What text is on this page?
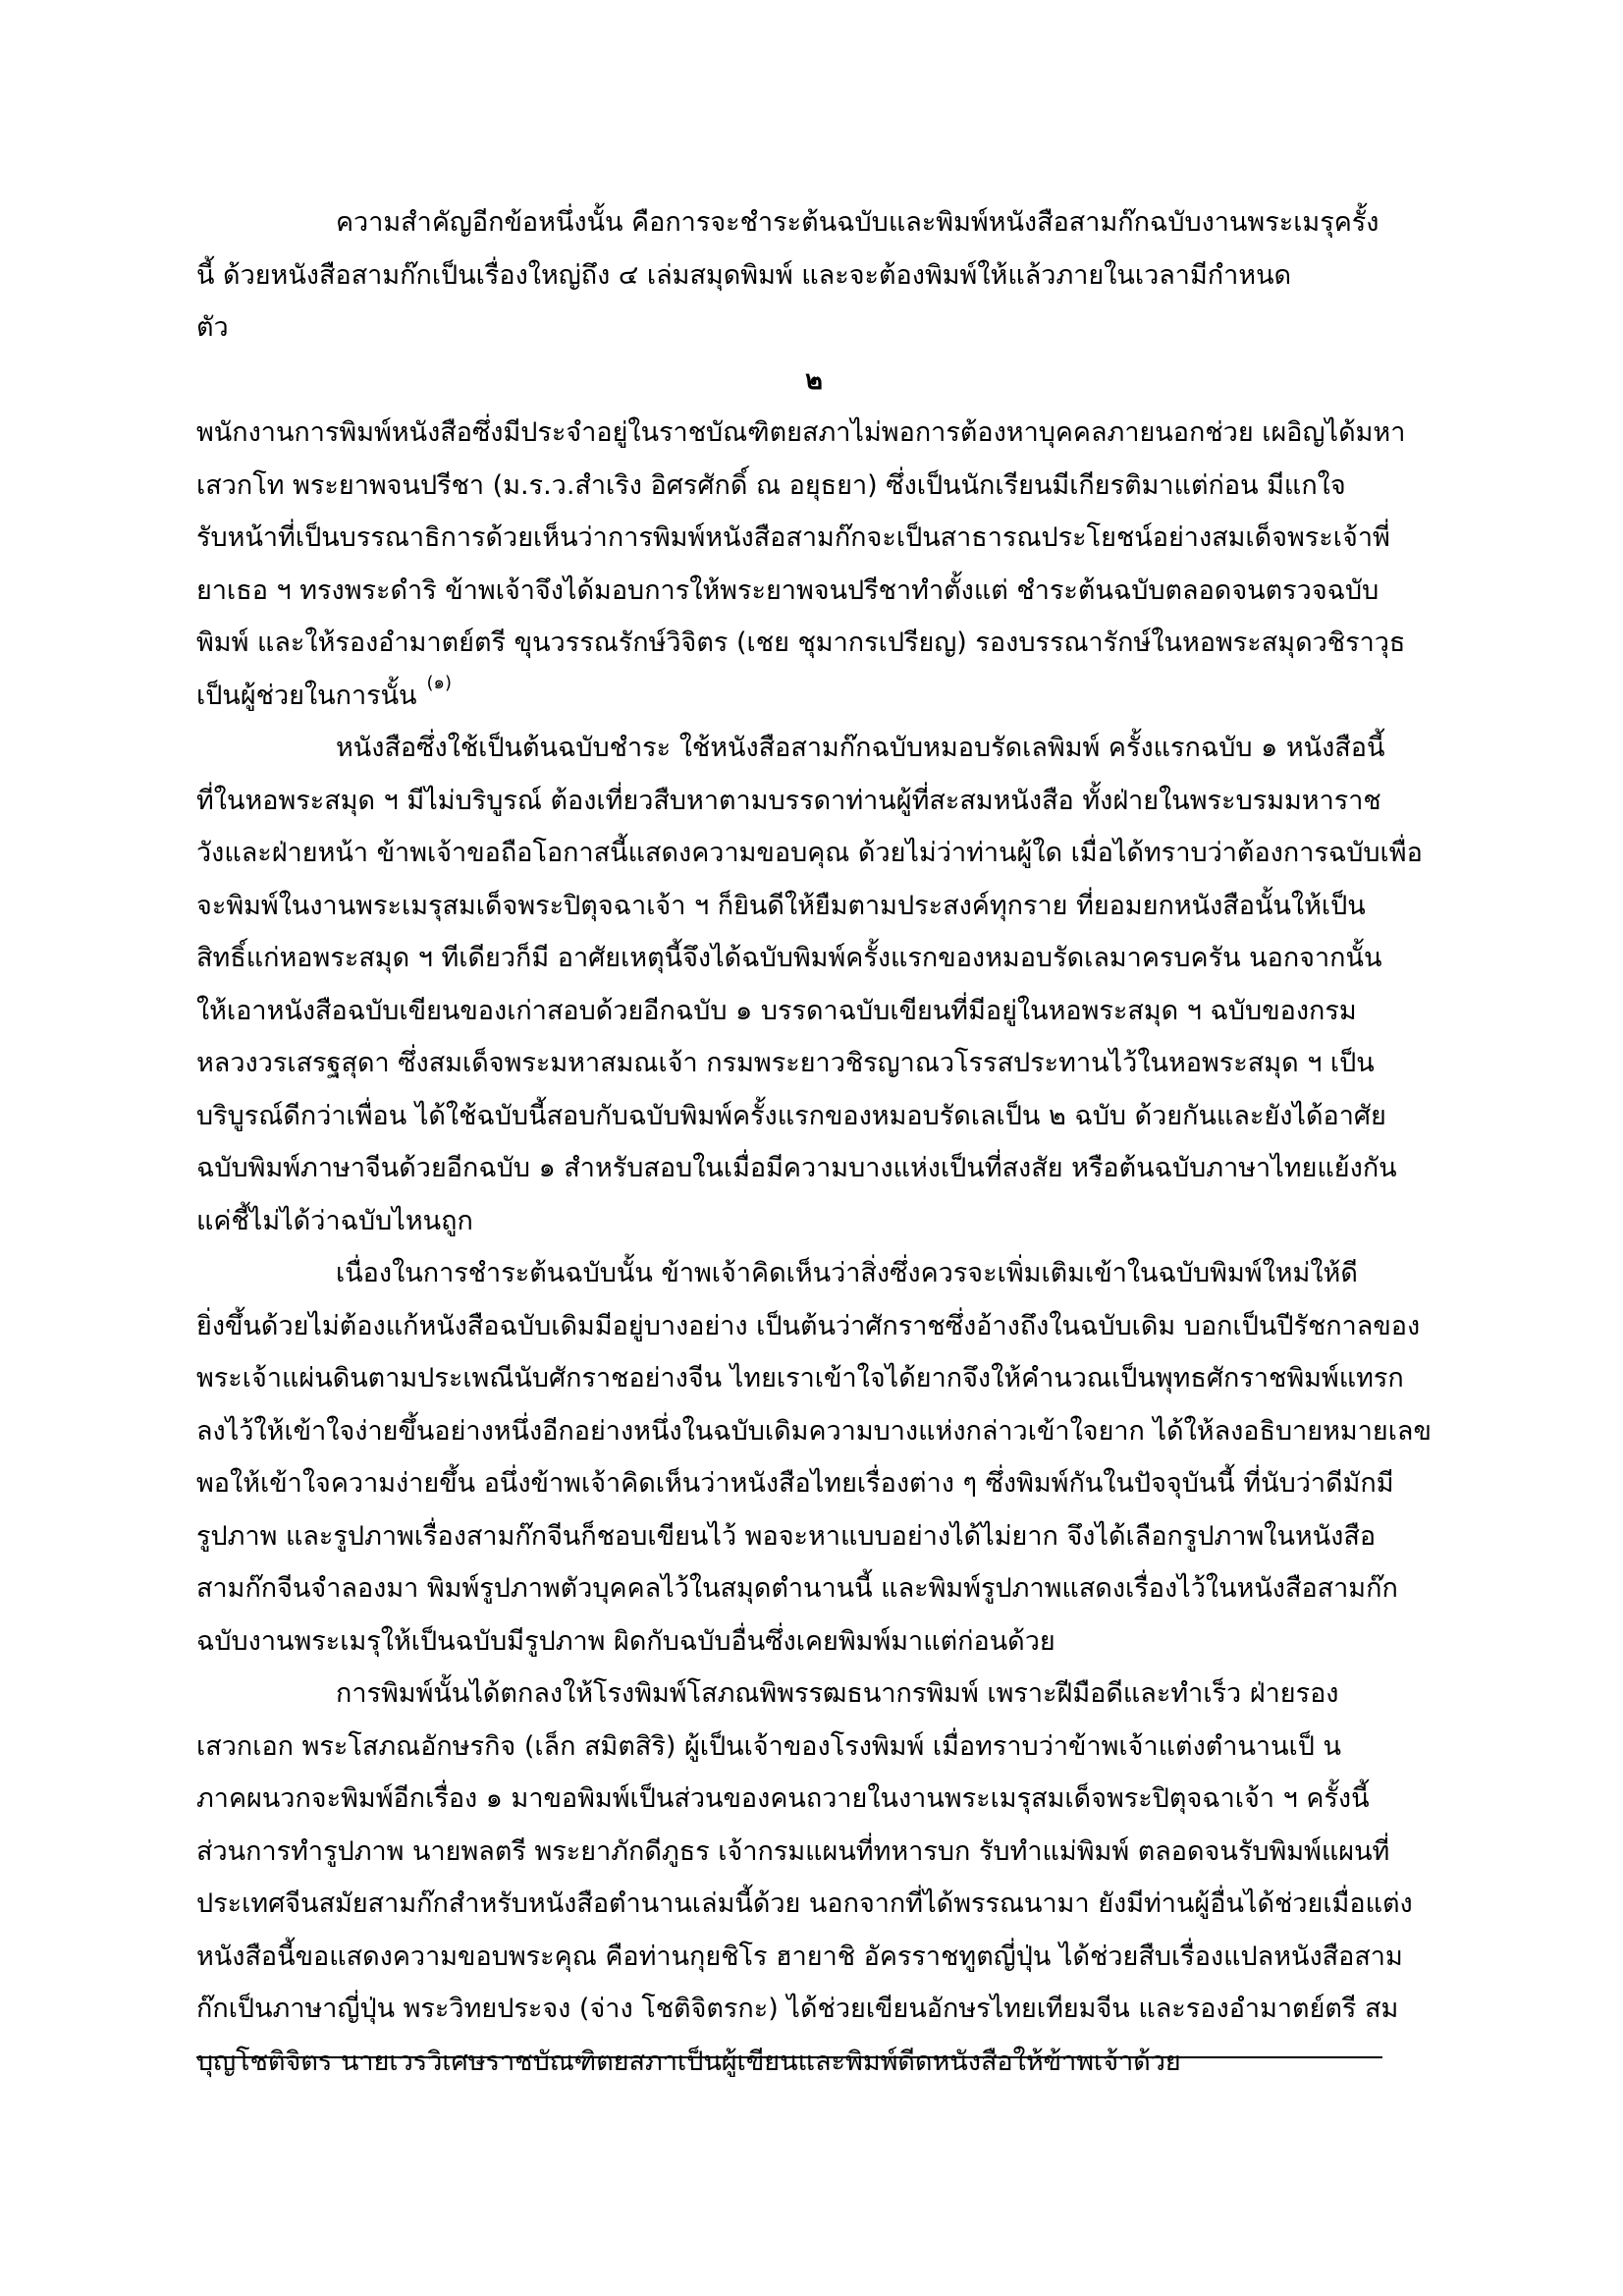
ความสำคัญอีกข้อหนึ่งนั้น คือการจะชำระต้นฉบับและพิมพ์หนังสือสามก๊กฉบับงานพระเมรุครั้ง
นี้ ด้วยหนังสือสามก๊กเป็นเรื่องใหญ่ถึง ๔ เล่มสมุดพิมพ์ และจะต้องพิมพ์ให้แล้วภายในเวลามีกำหนด
ตัว
๒
พนักงานการพิมพ์หนังสือซึ่งมีประจำอยู่ในราชบัณฑิตยสภาไม่พอการต้องหาบุคคลภายนอกช่วย เผอิญได้มหา
เสวกโท พระยาพจนปรีชา (ม.ร.ว.สำเริง อิศรศักดิ์ ณ อยุธยา) ซึ่งเป็นนักเรียนมีเกียรติมาแต่ก่อน มีแกใจ
รับหน้าที่เป็นบรรณาธิการด้วยเห็นว่าการพิมพ์หนังสือสามก๊กจะเป็นสาธารณประโยชน์อย่างสมเด็จพระเจ้าพี่
ยาเธอ ฯ ทรงพระดำริ ข้าพเจ้าจึงได้มอบการให้พระยาพจนปรีชาทำตั้งแต่ ชำระต้นฉบับตลอดจนตรวจฉบับ
พิมพ์ และให้รองอำมาตย์ตรี ขุนวรรณรักษ์วิจิตร (เชย ชุมากรเปรียญ) รองบรรณารักษ์ในหอพระสมุดวชิราวุธ
เป็นผู้ช่วยในการนั้น $^{(๑)}$
หนังสือซึ่งใช้เป็นต้นฉบับชำระ ใช้หนังสือสามก๊กฉบับหมอบรัดเลพิมพ์ ครั้งแรกฉบับ ๑ หนังสือนี้
ที่ในหอพระสมุด ฯ มีไม่บริบูรณ์ ต้องเที่ยวสืบหาตามบรรดาท่านผู้ที่สะสมหนังสือ ทั้งฝ่ายในพระบรมมหาราช
วังและฝ่ายหน้า ข้าพเจ้าขอถือโอกาสนี้แสดงความขอบคุณ ด้วยไม่ว่าท่านผู้ใด เมื่อได้ทราบว่าต้องการฉบับเพื่อ
จะพิมพ์ในงานพระเมรุสมเด็จพระปิตุจฉาเจ้า ฯ ก็ยินดีให้ยืมตามประสงค์ทุกราย ที่ยอมยกหนังสือนั้นให้เป็น
สิทธิ์แก่หอพระสมุด ฯ ทีเดียวก็มี อาศัยเหตุนี้จึงได้ฉบับพิมพ์ครั้งแรกของหมอบรัดเลมาครบครัน นอกจากนั้น
ให้เอาหนังสือฉบับเขียนของเก่าสอบด้วยอีกฉบับ ๑ บรรดาฉบับเขียนที่มีอยู่ในหอพระสมุด ฯ ฉบับของกรม
หลวงวรเสรฐสุดา ซึ่งสมเด็จพระมหาสมณเจ้า กรมพระยาวชิรญาณวโรรสประทานไว้ในหอพระสมุด ฯ เป็น
บริบูรณ์ดีกว่าเพื่อน ได้ใช้ฉบับนี้สอบกับฉบับพิมพ์ครั้งแรกของหมอบรัดเลเป็น ๒ ฉบับ ด้วยกันและยังได้อาศัย
ฉบับพิมพ์ภาษาจีนด้วยอีกฉบับ ๑ สำหรับสอบในเมื่อมีความบางแห่งเป็นที่สงสัย หรือต้นฉบับภาษาไทยแย้งกัน
แค่ชี้ไม่ได้ว่าฉบับไหนถูก
เนื่องในการชำระต้นฉบับนั้น ข้าพเจ้าคิดเห็นว่าสิ่งซึ่งควรจะเพิ่มเติมเข้าในฉบับพิมพ์ใหม่ให้ดี
ยิ่งขึ้นด้วยไม่ต้องแก้หนังสือฉบับเดิมมีอยู่บางอย่าง เป็นต้นว่าศักราชซึ่งอ้างถึงในฉบับเดิม บอกเป็นปีรัชกาลของ
พระเจ้าแผ่นดินตามประเพณีนับศักราชอย่างจีน ไทยเราเข้าใจได้ยากจึงให้คำนวณเป็นพุทธศักราชพิมพ์แทรก
ลงไว้ให้เข้าใจง่ายขึ้นอย่างหนึ่งอีกอย่างหนึ่งในฉบับเดิมความบางแห่งกล่าวเข้าใจยาก ได้ให้ลงอธิบายหมายเลข
พอให้เข้าใจความง่ายขึ้น อนึ่งข้าพเจ้าคิดเห็นว่าหนังสือไทยเรื่องต่าง ๆ ซึ่งพิมพ์กันในปัจจุบันนี้ ที่นับว่าดีมักมี
รูปภาพ และรูปภาพเรื่องสามก๊กจีนก็ชอบเขียนไว้ พอจะหาแบบอย่างได้ไม่ยาก จึงได้เลือกรูปภาพในหนังสือ
สามก๊กจีนจำลองมา พิมพ์รูปภาพตัวบุคคลไว้ในสมุดตำนานนี้ และพิมพ์รูปภาพแสดงเรื่องไว้ในหนังสือสามก๊ก
ฉบับงานพระเมรุให้เป็นฉบับมีรูปภาพ ผิดกับฉบับอื่นซึ่งเคยพิมพ์มาแต่ก่อนด้วย
การพิมพ์นั้นได้ตกลงให้โรงพิมพ์โสภณพิพรรฒธนากรพิมพ์ เพราะฝีมือดีและทำเร็ว ฝ่ายรอง
เสวกเอก พระโสภณอักษรกิจ (เล็ก สมิตสิริ) ผู้เป็นเจ้าของโรงพิมพ์ เมื่อทราบว่าข้าพเจ้าแต่งตำนานเป็ น
ภาคผนวกจะพิมพ์อีกเรื่อง ๑ มาขอพิมพ์เป็นส่วนของคนถวายในงานพระเมรุสมเด็จพระปิตุจฉาเจ้า ฯ ครั้งนี้
ส่วนการทำรูปภาพ นายพลตรี พระยาภักดีภูธร เจ้ากรมแผนที่ทหารบก รับทำแม่พิมพ์ ตลอดจนรับพิมพ์แผนที่
ประเทศจีนสมัยสามก๊กสำหรับหนังสือตำนานเล่มนี้ด้วย นอกจากที่ได้พรรณนามา ยังมีท่านผู้อื่นได้ช่วยเมื่อแต่ง
หนังสือนี้ขอแสดงความขอบพระคุณ คือท่านกุยชิโร ฮายาชิ อัครราชทูตญี่ปุ่น ได้ช่วยสืบเรื่องแปลหนังสือสาม
ก๊กเป็นภาษาญี่ปุ่น พระวิทยประจง (จ่าง โชติจิตรกะ) ได้ช่วยเขียนอักษรไทยเทียมจีน และรองอำมาตย์ตรี สม
บุญโชติจิตร นายเวรวิเศษราชบัณฑิตยสภาเป็นผู้เขียนและพิมพ์ดีดหนังสือให้ข้าพเจ้าด้วย
